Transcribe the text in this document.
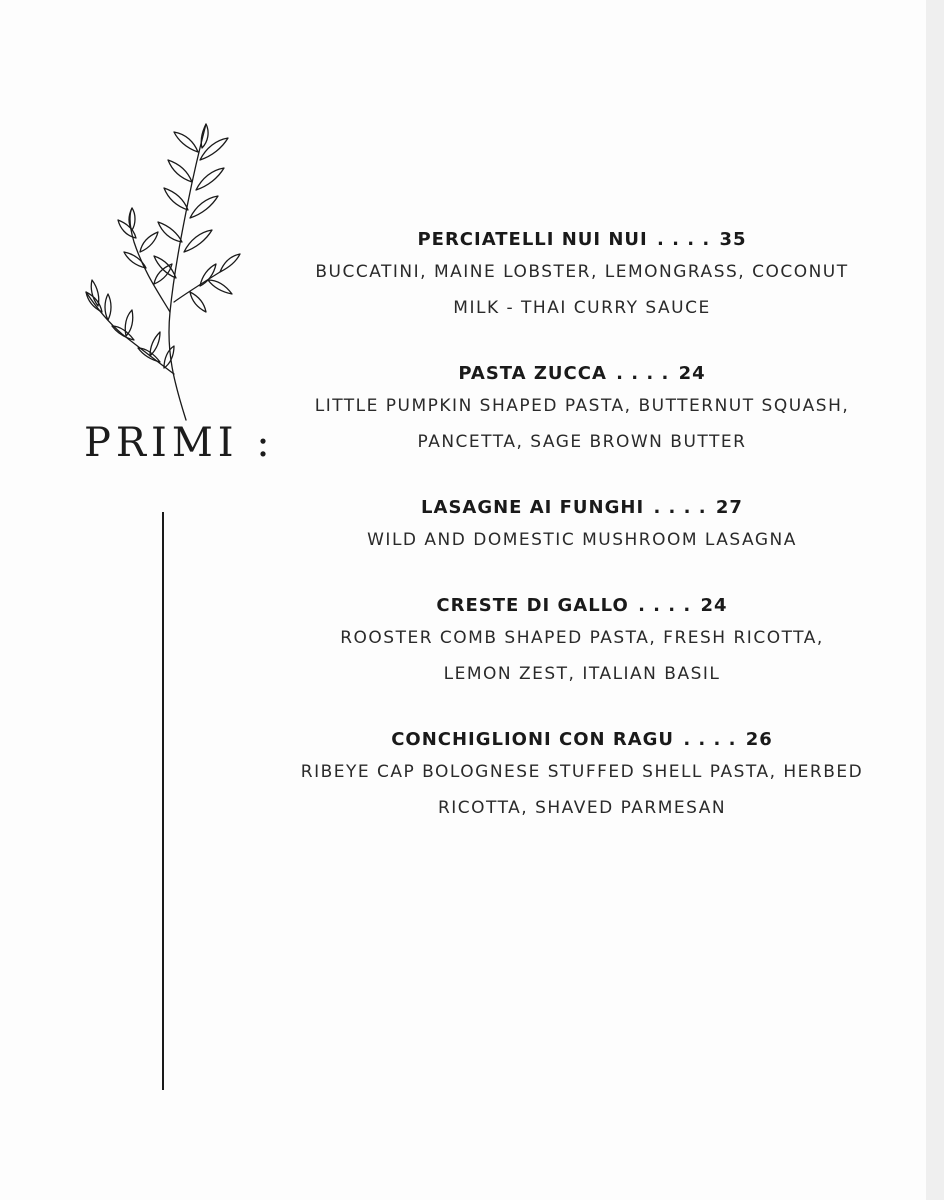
PRIMI :

PERCIATELLI NUI NUI . . . . 35

BUCCATINI, MAINE LOBSTER, LEMONGRASS, COCONUT

MILK - THAI CURRY SAUCE

PASTA ZUCCA . . . . 24

LITTLE PUMPKIN SHAPED PASTA, BUTTERNUT SQUASH,

PANCETTA, SAGE BROWN BUTTER

LASAGNE AI FUNGHI . . . . 27

WILD AND DOMESTIC MUSHROOM LASAGNA

CRESTE DI GALLO . . . . 24

ROOSTER COMB SHAPED PASTA, FRESH RICOTTA,

LEMON ZEST, ITALIAN BASIL

CONCHIGLIONI CON RAGU . . . . 26

RIBEYE CAP BOLOGNESE STUFFED SHELL PASTA, HERBED

RICOTTA, SHAVED PARMESAN
